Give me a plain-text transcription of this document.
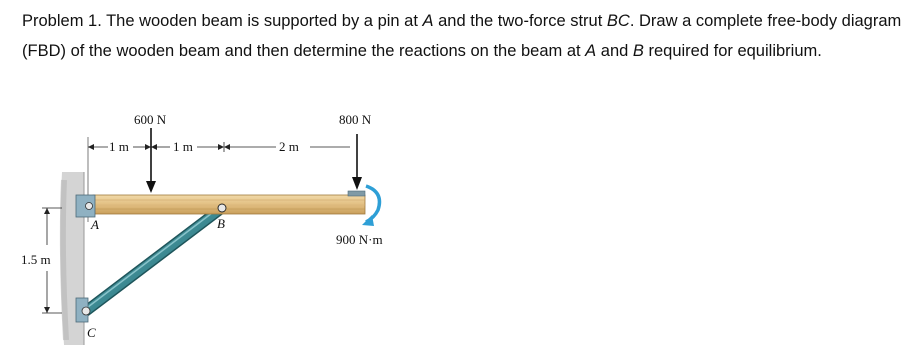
Problem 1. The wooden beam is supported by a pin at A and the two-force strut BC. Draw a complete free-body diagram (FBD) of the wooden beam and then determine the reactions on the beam at A and B required for equilibrium.
1.5 m
1 m	1 m	2 m
600 N	800 N
900 N·m
A	B
C
